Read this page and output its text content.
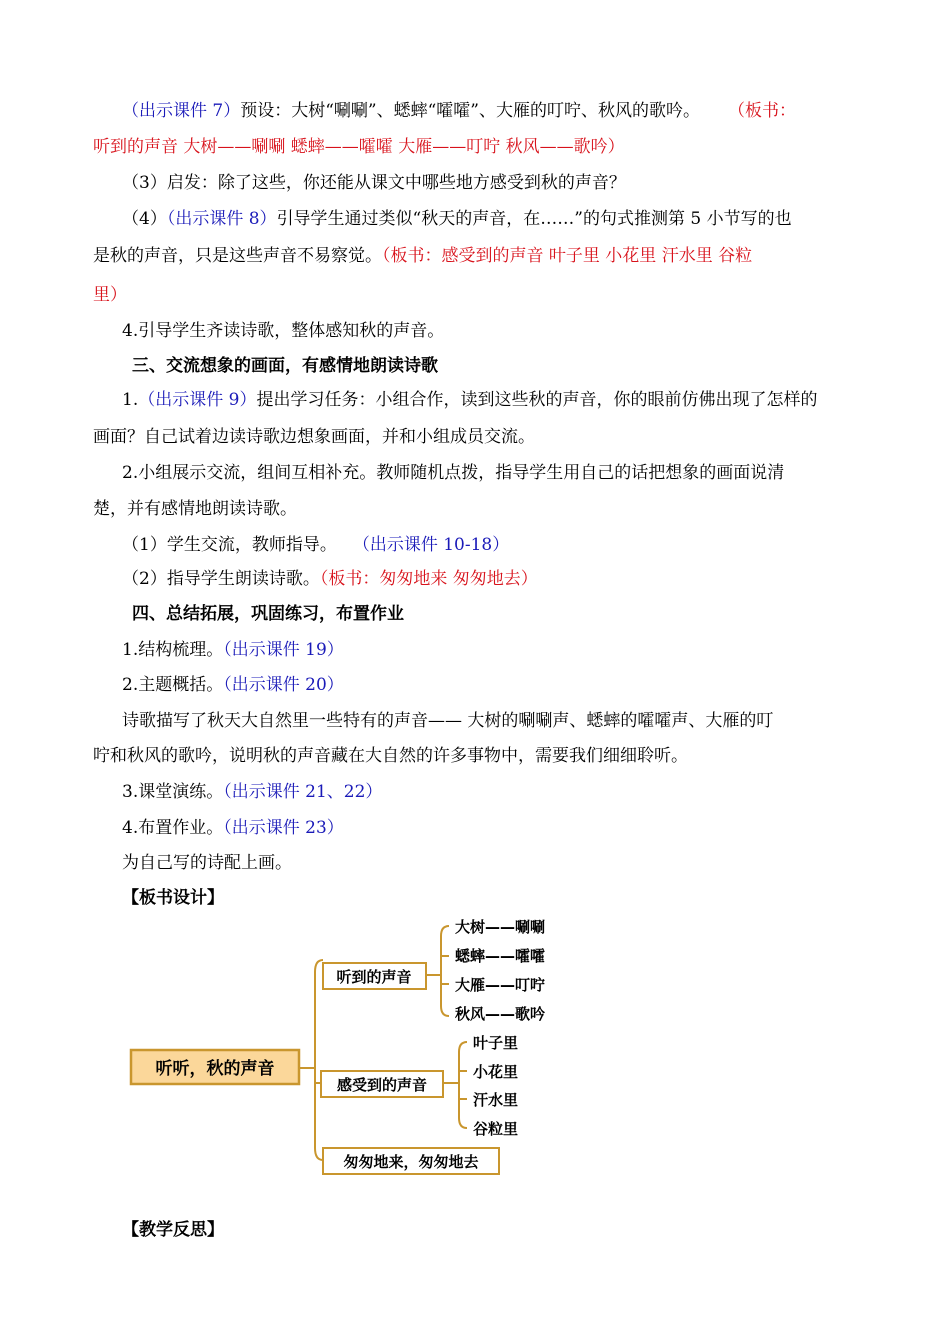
（出示课件 7）预设：大树“唰唰”、蟋蟀“嚯嚯”、大雁的叮咛、秋风的歌吟。 （板书：
听到的声音 大树——唰唰 蟋蟀——嚯嚯 大雁——叮咛 秋风——歌吟）
（3）启发：除了这些，你还能从课文中哪些地方感受到秋的声音？
（4）（出示课件 8）引导学生通过类似“秋天的声音，在……”的句式推测第 5 小节写的也
是秋的声音，只是这些声音不易察觉。（板书：感受到的声音 叶子里 小花里 汗水里 谷粒
里）
4.引导学生齐读诗歌，整体感知秋的声音。
三、交流想象的画面，有感情地朗读诗歌
1.（出示课件 9）提出学习任务：小组合作，读到这些秋的声音，你的眼前仿佛出现了怎样的
画面？自己试着边读诗歌边想象画面，并和小组成员交流。
2.小组展示交流，组间互相补充。教师随机点拨，指导学生用自己的话把想象的画面说清
楚，并有感情地朗读诗歌。
（1）学生交流，教师指导。 （出示课件 10-18）
（2）指导学生朗读诗歌。（板书：匆匆地来 匆匆地去）
四、总结拓展，巩固练习，布置作业
1.结构梳理。（出示课件 19）
2.主题概括。（出示课件 20）
诗歌描写了秋天大自然里一些特有的声音—— 大树的唰唰声、蟋蟀的嚯嚯声、大雁的叮
咛和秋风的歌吟，说明秋的声音藏在大自然的许多事物中，需要我们细细聆听。
3.课堂演练。（出示课件 21、22）
4.布置作业。（出示课件 23）
为自己写的诗配上画。
【板书设计】
听听，秋的声音
听到的声音
大树——唰唰
蟋蟀——嚯嚯
大雁——叮咛
秋风——歌吟
感受到的声音
叶子里
小花里
汗水里
谷粒里
匆匆地来，匆匆地去
【教学反思】
